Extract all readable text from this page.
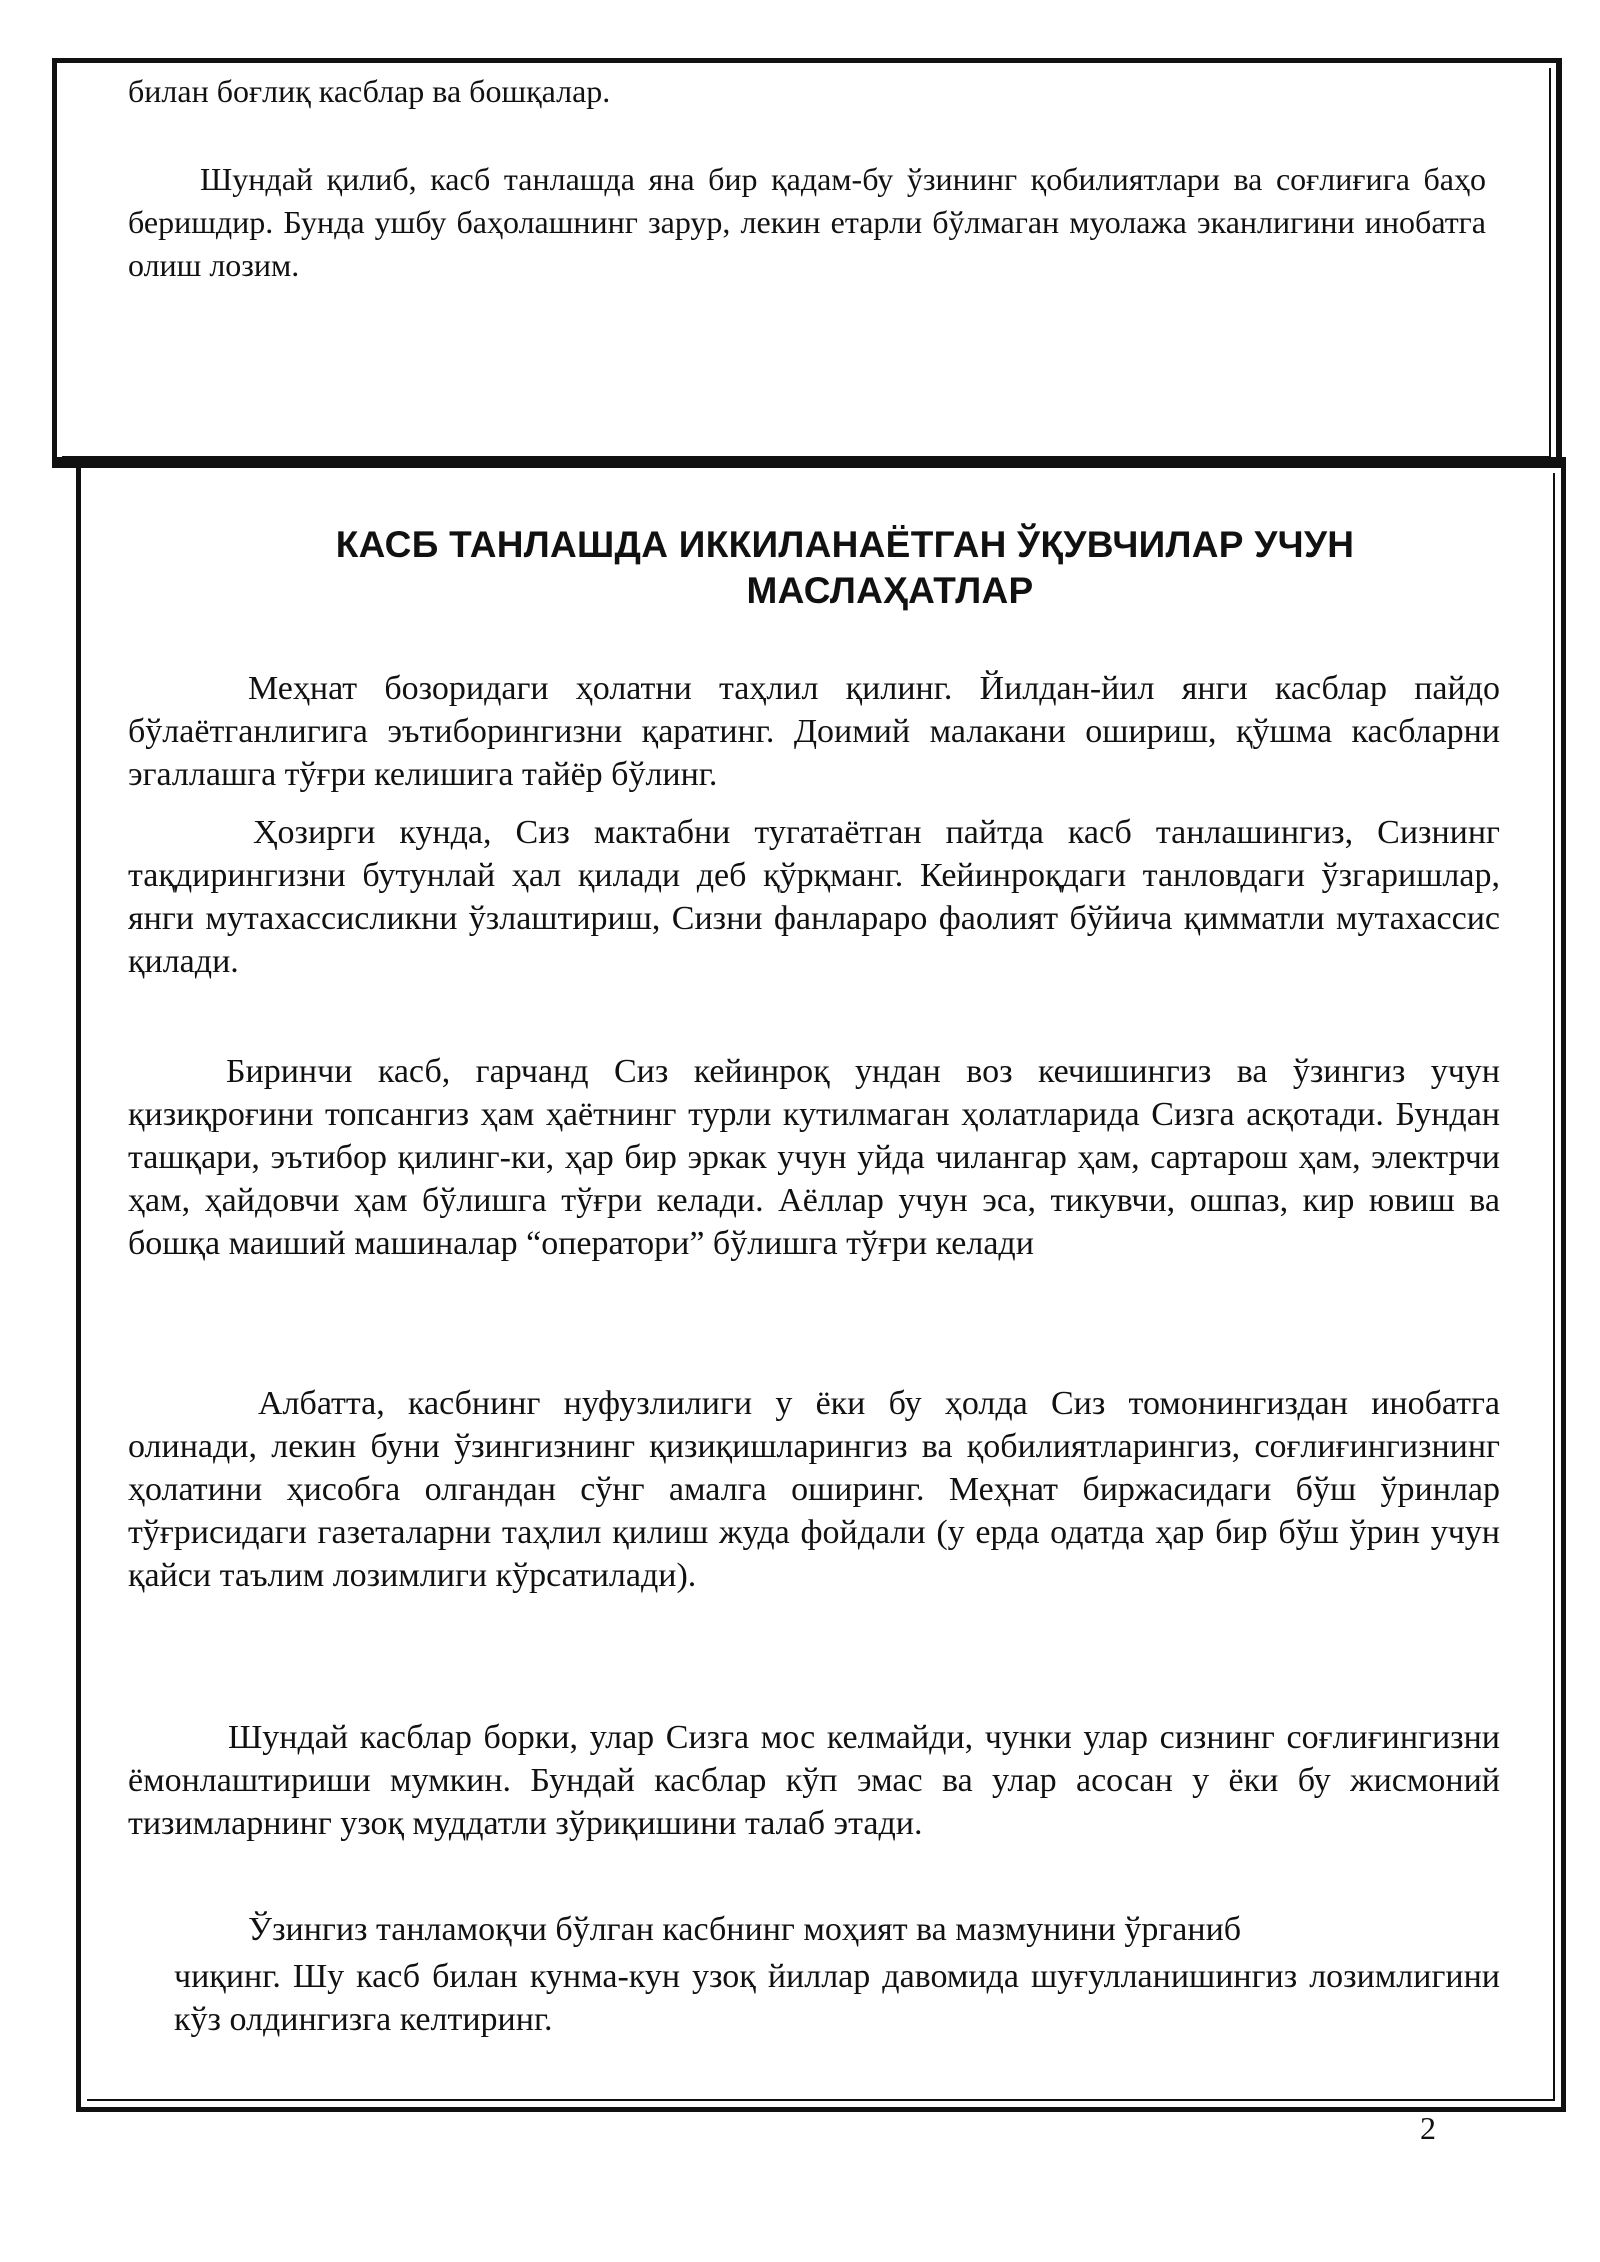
билан боғлиқ касблар ва бошқалар.
Шундай қилиб, касб танлашда яна бир қадам-бу ўзининг қобилиятлари ва соғлиғига баҳо беришдир. Бунда ушбу баҳолашнинг зарур, лекин етарли бўлмаган муолажа эканлигини инобатга олиш лозим.
КАСБ ТАНЛАШДА ИККИЛАНАЁТГАН ЎҚУВЧИЛАР УЧУН
МАСЛАҲАТЛАР
Меҳнат бозоридаги ҳолатни таҳлил қилинг. Йилдан-йил янги касблар пайдо бўлаётганлигига эътиборингизни қаратинг. Доимий малакани ошириш, қўшма касбларни эгаллашга тўғри келишига тайёр бўлинг.
Ҳозирги кунда, Сиз мактабни тугатаётган пайтда касб танлашингиз, Сизнинг тақдирингизни бутунлай ҳал қилади деб қўрқманг. Кейинроқдаги танловдаги ўзгаришлар, янги мутахассисликни ўзлаштириш, Сизни фанлараро фаолият бўйича қимматли мутахассис қилади.
Биринчи касб, гарчанд Сиз кейинроқ ундан воз кечишингиз ва ўзингиз учун қизиқроғини топсангиз ҳам ҳаётнинг турли кутилмаган ҳолатларида Сизга асқотади. Бундан ташқари, эътибор қилинг-ки, ҳар бир эркак учун уйда чилангар ҳам, сартарош ҳам, электрчи ҳам, ҳайдовчи ҳам бўлишга тўғри келади. Аёллар учун эса, тикувчи, ошпаз, кир ювиш ва бошқа маиший машиналар “оператори” бўлишга тўғри келади
Албатта, касбнинг нуфузлилиги у ёки бу ҳолда Сиз томонингиздан инобатга олинади, лекин буни ўзингизнинг қизиқишларингиз ва қобилиятларингиз, соғлиғингизнинг ҳолатини ҳисобга олгандан сўнг амалга оширинг. Меҳнат биржасидаги бўш ўринлар тўғрисидаги газеталарни таҳлил қилиш жуда фойдали (у ерда одатда ҳар бир бўш ўрин учун қайси таълим лозимлиги кўрсатилади).
Шундай касблар борки, улар Сизга мос келмайди, чунки улар сизнинг соғлиғингизни ёмонлаштириши мумкин. Бундай касблар кўп эмас ва улар асосан у ёки бу жисмоний тизимларнинг узоқ муддатли зўриқишини талаб этади.
Ўзингиз танламоқчи бўлган касбнинг моҳият ва мазмунини ўрганиб
чиқинг. Шу касб билан кунма-кун узоқ йиллар давомида шуғулланишингиз лозимлигини кўз олдингизга келтиринг.
2
